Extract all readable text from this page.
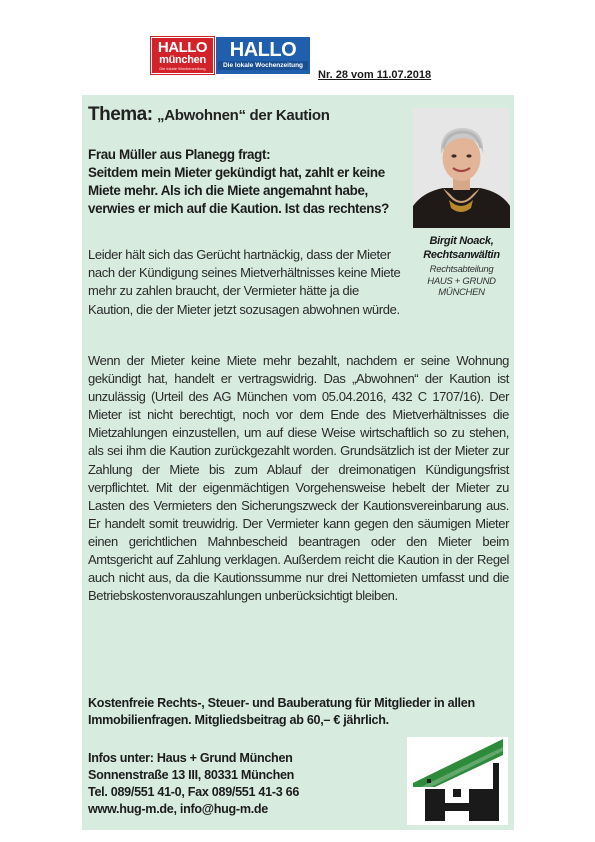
HALLO
münchen
Die lokale Wochenzeitung
HALLO
Die lokale Wochenzeitung
Nr. 28 vom 11.07.2018
Thema: „Abwohnen“ der Kaution
Frau Müller aus Planegg fragt:
Seitdem mein Mieter gekündigt hat, zahlt er keine
Miete mehr. Als ich die Miete angemahnt habe,
verwies er mich auf die Kaution. Ist das rechtens?
Birgit Noack,
Rechtsanwältin
Rechtsabteilung
HAUS + GRUND
MÜNCHEN
Leider hält sich das Gerücht hartnäckig, dass der Mieter nach der Kündigung seines Mietverhältnisses keine Miete mehr zu zahlen braucht, der Vermieter hätte ja die Kaution, die der Mieter jetzt sozusagen abwohnen würde.
Wenn der Mieter keine Miete mehr bezahlt, nachdem er seine Wohnung gekündigt hat, handelt er vertragswidrig. Das „Abwohnen“ der Kaution ist unzulässig (Urteil des AG München vom 05.04.2016, 432 C 1707/16). Der Mieter ist nicht berechtigt, noch vor dem Ende des Mietverhältnisses die Mietzahlungen einzustellen, um auf diese Weise wirtschaftlich so zu stehen, als sei ihm die Kaution zurückgezahlt worden. Grundsätzlich ist der Mieter zur Zahlung der Miete bis zum Ablauf der dreimonatigen Kündigungsfrist verpflichtet. Mit der eigenmächtigen Vorgehensweise hebelt der Mieter zu Lasten des Vermieters den Sicherungszweck der Kautionsvereinbarung aus. Er handelt somit treuwidrig. Der Vermieter kann gegen den säumigen Mieter einen gerichtlichen Mahnbescheid beantragen oder den Mieter beim Amtsgericht auf Zahlung verklagen. Außerdem reicht die Kaution in der Regel auch nicht aus, da die Kautionssumme nur drei Nettomieten umfasst und die Betriebskostenvorauszahlungen unberücksichtigt bleiben.
Kostenfreie Rechts-, Steuer- und Bauberatung für Mitglieder in allen Immobilienfragen. Mitgliedsbeitrag ab 60,– € jährlich.
Infos unter: Haus + Grund München
Sonnenstraße 13 III, 80331 München
Tel. 089/551 41-0, Fax 089/551 41-3 66
www.hug-m.de, info@hug-m.de
